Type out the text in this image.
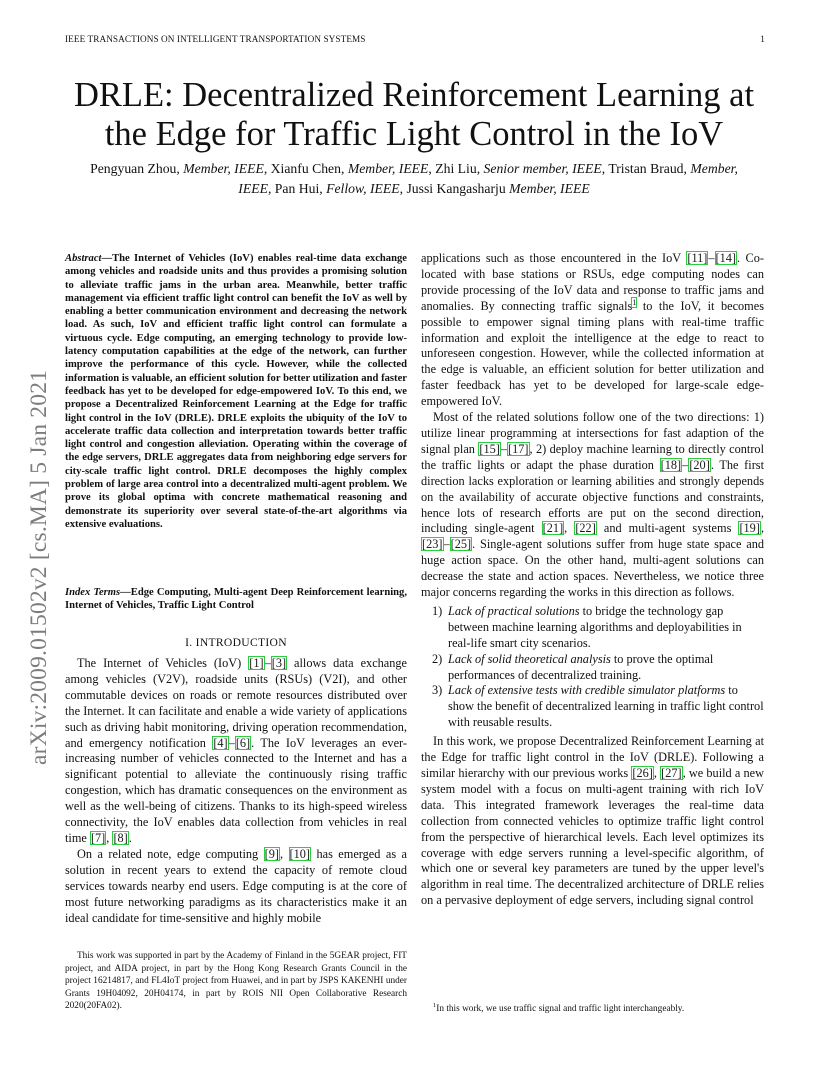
IEEE TRANSACTIONS ON INTELLIGENT TRANSPORTATION SYSTEMS	1
arXiv:2009.01502v2 [cs.MA] 5 Jan 2021
DRLE: Decentralized Reinforcement Learning at
the Edge for Traffic Light Control in the IoV
Pengyuan Zhou, Member, IEEE, Xianfu Chen, Member, IEEE, Zhi Liu, Senior member, IEEE, Tristan Braud, Member, IEEE, Pan Hui, Fellow, IEEE, Jussi Kangasharju Member, IEEE
Abstract—The Internet of Vehicles (IoV) enables real-time data exchange among vehicles and roadside units and thus provides a promising solution to alleviate traffic jams in the urban area. Meanwhile, better traffic management via efficient traffic light control can benefit the IoV as well by enabling a better communication environment and decreasing the network load. As such, IoV and efficient traffic light control can formulate a virtuous cycle. Edge computing, an emerging technology to provide low-latency computation capabilities at the edge of the network, can further improve the performance of this cycle. However, while the collected information is valuable, an efficient solution for better utilization and faster feedback has yet to be developed for edge-empowered IoV. To this end, we propose a Decentralized Reinforcement Learning at the Edge for traffic light control in the IoV (DRLE). DRLE exploits the ubiquity of the IoV to accelerate traffic data collection and interpretation towards better traffic light control and congestion alleviation. Operating within the coverage of the edge servers, DRLE aggregates data from neighboring edge servers for city-scale traffic light control. DRLE decomposes the highly complex problem of large area control into a decentralized multi-agent problem. We prove its global optima with concrete mathematical reasoning and demonstrate its superiority over several state-of-the-art algorithms via extensive evaluations.
Index Terms—Edge Computing, Multi-agent Deep Reinforcement learning, Internet of Vehicles, Traffic Light Control
I. INTRODUCTION

The Internet of Vehicles (IoV) [1]–[3] allows data exchange among vehicles (V2V), roadside units (RSUs) (V2I), and other commutable devices on roads or remote resources distributed over the Internet. It can facilitate and enable a wide variety of applications such as driving habit monitoring, driving operation recommendation, and emergency notification [4]–[6]. The IoV leverages an ever-increasing number of vehicles connected to the Internet and has a significant potential to alleviate the continuously rising traffic congestion, which has dramatic consequences on the environment as well as the well-being of citizens. Thanks to its high-speed wireless connectivity, the IoV enables data collection from vehicles in real time [7], [8].

On a related note, edge computing [9], [10] has emerged as a solution in recent years to extend the capacity of remote cloud services towards nearby end users. Edge computing is at the core of most future networking paradigms as its characteristics make it an ideal candidate for time-sensitive and highly mobile

applications such as those encountered in the IoV [11]–[14]. Co-located with base stations or RSUs, edge computing nodes can provide processing of the IoV data and response to traffic jams and anomalies. By connecting traffic signals$^1$ to the IoV, it becomes possible to empower signal timing plans with real-time traffic information and exploit the intelligence at the edge to react to unforeseen congestion. However, while the collected information at the edge is valuable, an efficient solution for better utilization and faster feedback has yet to be developed for large-scale edge-empowered IoV.

Most of the related solutions follow one of the two directions: 1) utilize linear programming at intersections for fast adaption of the signal plan [15]–[17], 2) deploy machine learning to directly control the traffic lights or adapt the phase duration [18]–[20]. The first direction lacks exploration or learning abilities and strongly depends on the availability of accurate objective functions and constraints, hence lots of research efforts are put on the second direction, including single-agent [21], [22] and multi-agent systems [19], [23]–[25]. Single-agent solutions suffer from huge state space and huge action space. On the other hand, multi-agent solutions can decrease the state and action spaces. Nevertheless, we notice three major concerns regarding the works in this direction as follows.

1) Lack of practical solutions to bridge the technology gap between machine learning algorithms and deployabilities in real-life smart city scenarios.
2) Lack of solid theoretical analysis to prove the optimal performances of decentralized training.
3) Lack of extensive tests with credible simulator platforms to show the benefit of decentralized learning in traffic light control with reusable results.

In this work, we propose Decentralized Reinforcement Learning at the Edge for traffic light control in the IoV (DRLE). Following a similar hierarchy with our previous works [26], [27], we build a new system model with a focus on multi-agent training with rich IoV data. This integrated framework leverages the real-time data collection from connected vehicles to optimize traffic light control from the perspective of hierarchical levels. Each level optimizes its coverage with edge servers running a level-specific algorithm, of which one or several key parameters are tuned by the upper level's algorithm in real time. The decentralized architecture of DRLE relies on a pervasive deployment of edge servers, including signal control

This work was supported in part by the Academy of Finland in the 5GEAR project, FIT project, and AIDA project, in part by the Hong Kong Research Grants Council in the project 16214817, and FL4IoT project from Huawei, and in part by JSPS KAKENHI under Grants 19H04092, 20H04174, in part by ROIS NII Open Collaborative Research 2020(20FA02).	$^1$In this work, we use traffic signal and traffic light interchangeably.
